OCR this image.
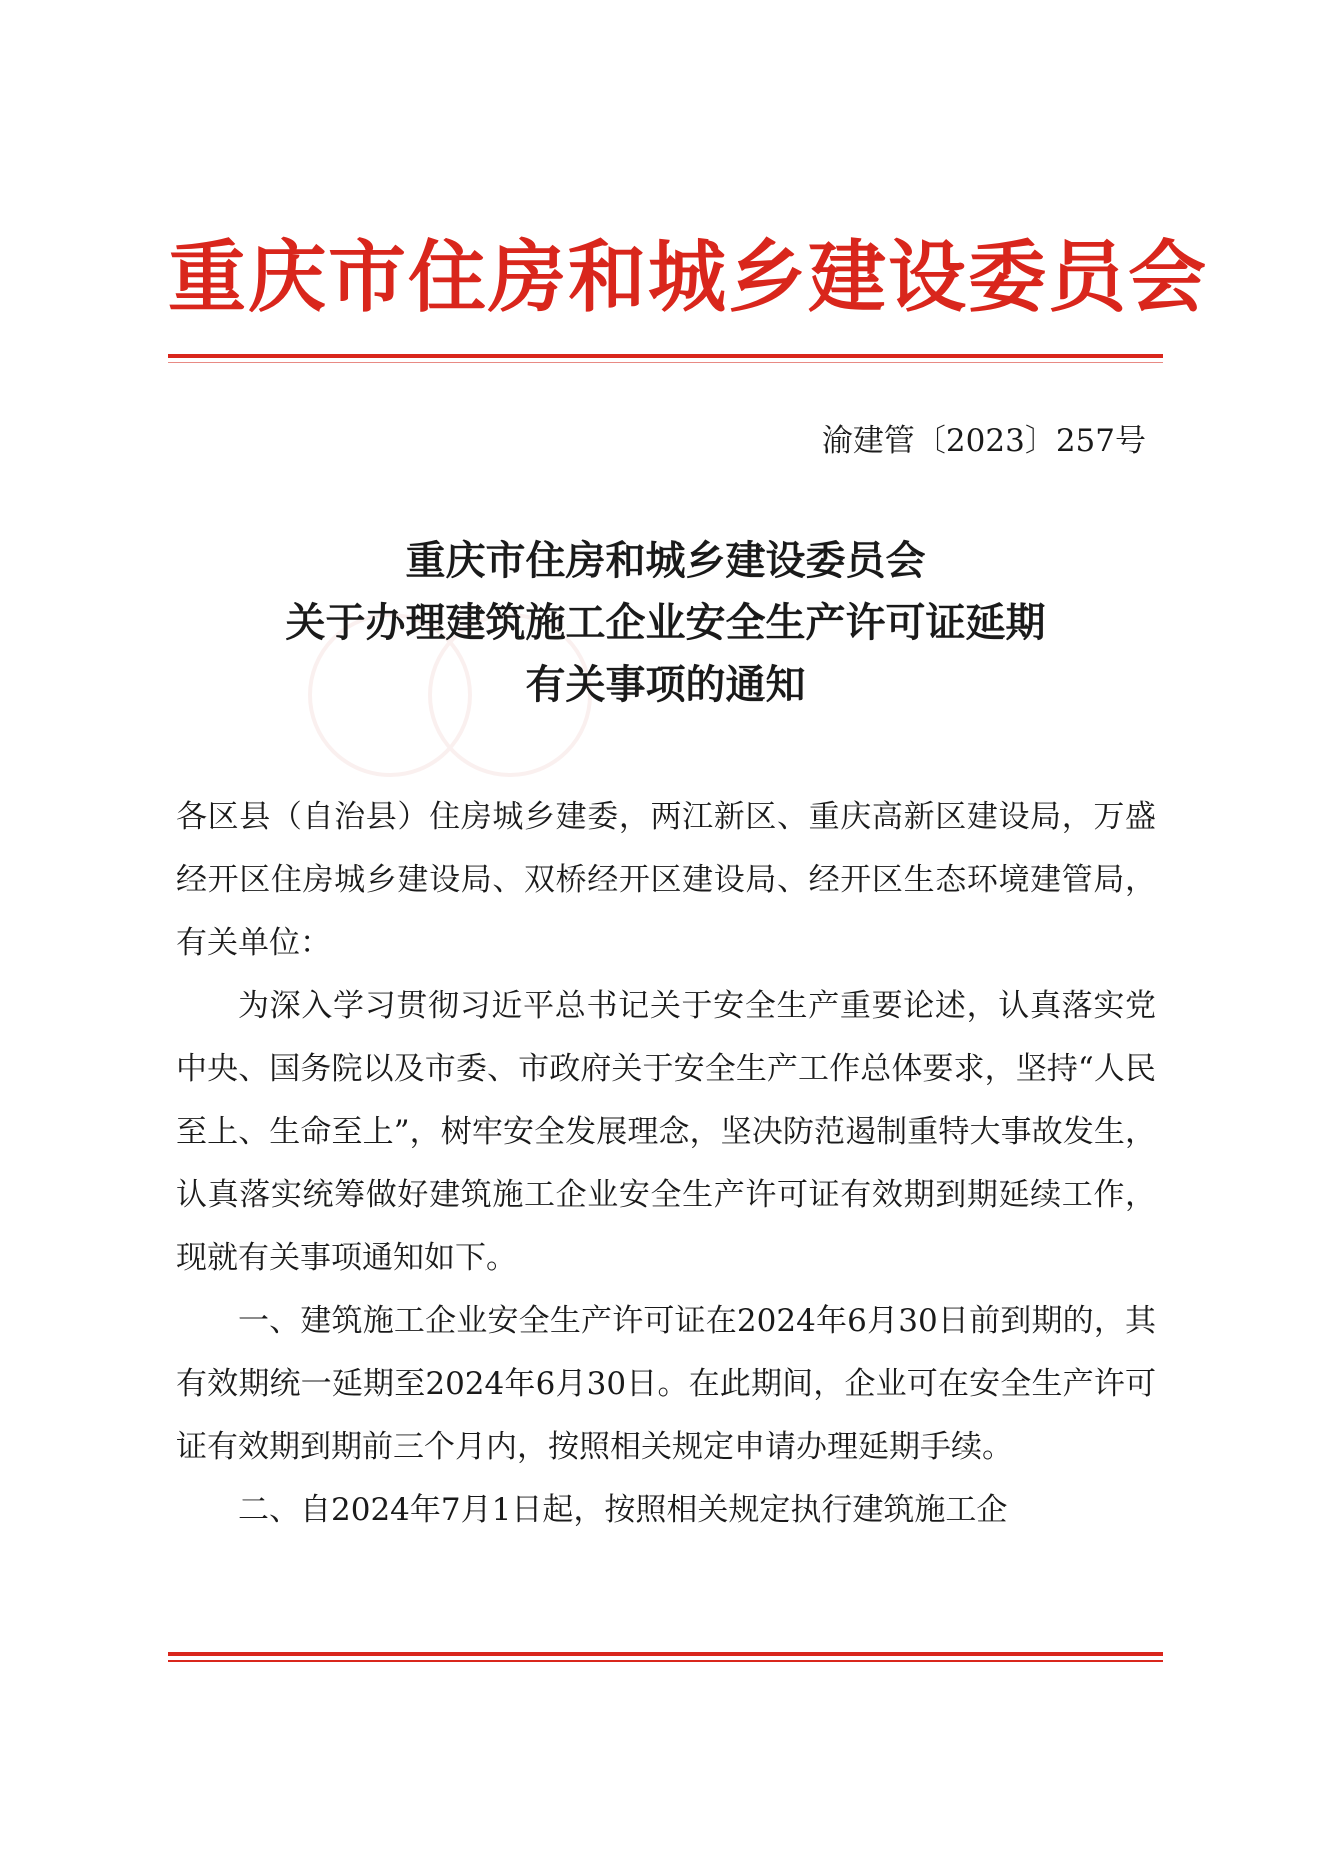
重庆市住房和城乡建设委员会
渝建管〔2023〕257号
重庆市住房和城乡建设委员会
关于办理建筑施工企业安全生产许可证延期
有关事项的通知

各区县（自治县）住房城乡建委，两江新区、重庆高新区建设局，万盛经开区住房城乡建设局、双桥经开区建设局、经开区生态环境建管局，有关单位：

为深入学习贯彻习近平总书记关于安全生产重要论述，认真落实党中央、国务院以及市委、市政府关于安全生产工作总体要求，坚持“人民至上、生命至上”，树牢安全发展理念，坚决防范遏制重特大事故发生，认真落实统筹做好建筑施工企业安全生产许可证有效期到期延续工作，现就有关事项通知如下。

一、建筑施工企业安全生产许可证在2024年6月30日前到期的，其有效期统一延期至2024年6月30日。在此期间，企业可在安全生产许可证有效期到期前三个月内，按照相关规定申请办理延期手续。

二、自2024年7月1日起，按照相关规定执行建筑施工企
